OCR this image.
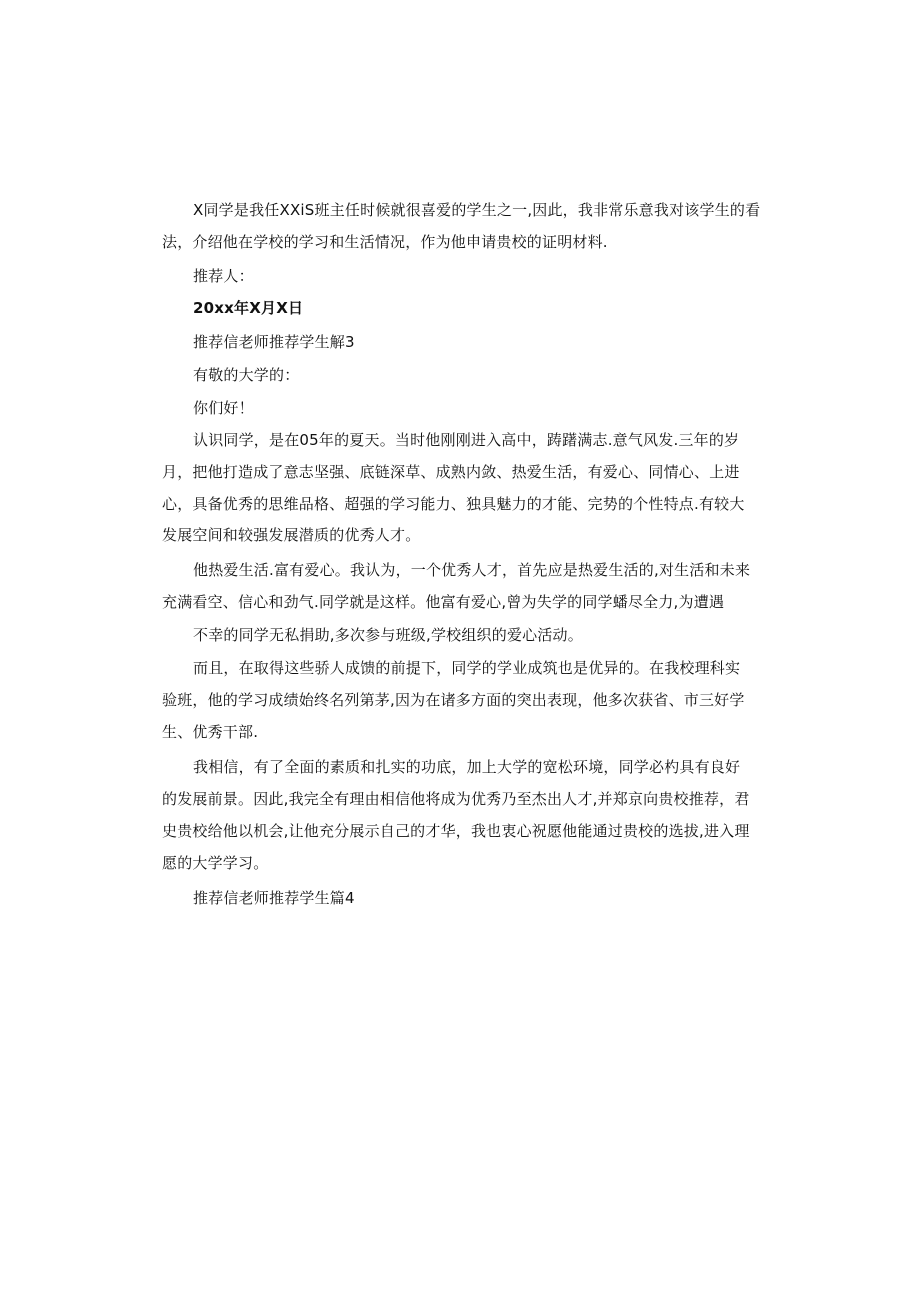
X同学是我任XXiS班主任时候就很喜爱的学生之一,因此，我非常乐意我对该学生的看
法，介绍他在学校的学习和生活情况，作为他申请贵校的证明材料.
推荐人：
20xx年X月X日
推荐信老师推荐学生解3
有敬的大学的：
你们好！
认识同学，是在05年的夏天。当时他刚刚进入高中，踌躇满志.意气风发.三年的岁
月，把他打造成了意志坚强、底链深草、成熟内敛、热爱生活，有爱心、同情心、上进
心，具备优秀的思维品格、超强的学习能力、独具魅力的才能、完势的个性特点.有较大
发展空间和较强发展潜质的优秀人才。
他热爱生活.富有爱心。我认为，一个优秀人才，首先应是热爱生活的,对生活和未来
充满看空、信心和劲气.同学就是这样。他富有爱心,曾为失学的同学蟠尽全力,为遭遇
不幸的同学无私捐助,多次参与班级,学校组织的爱心活动。
而且，在取得这些骄人成馈的前提下，同学的学业成筑也是优异的。在我校理科实
验班，他的学习成绩始终名列第茅,因为在诸多方面的突出表现，他多次获省、市三好学
生、优秀干部.
我相信，有了全面的素质和扎实的功底，加上大学的宽松环境，同学必杓具有良好
的发展前景。因此,我完全有理由相信他将成为优秀乃至杰出人才,并郑京向贵校推荐，君
史贵校给他以机会,让他充分展示自己的才华，我也衷心祝愿他能通过贵校的选拔,进入理
愿的大学学习。
推荐信老师推荐学生篇4
